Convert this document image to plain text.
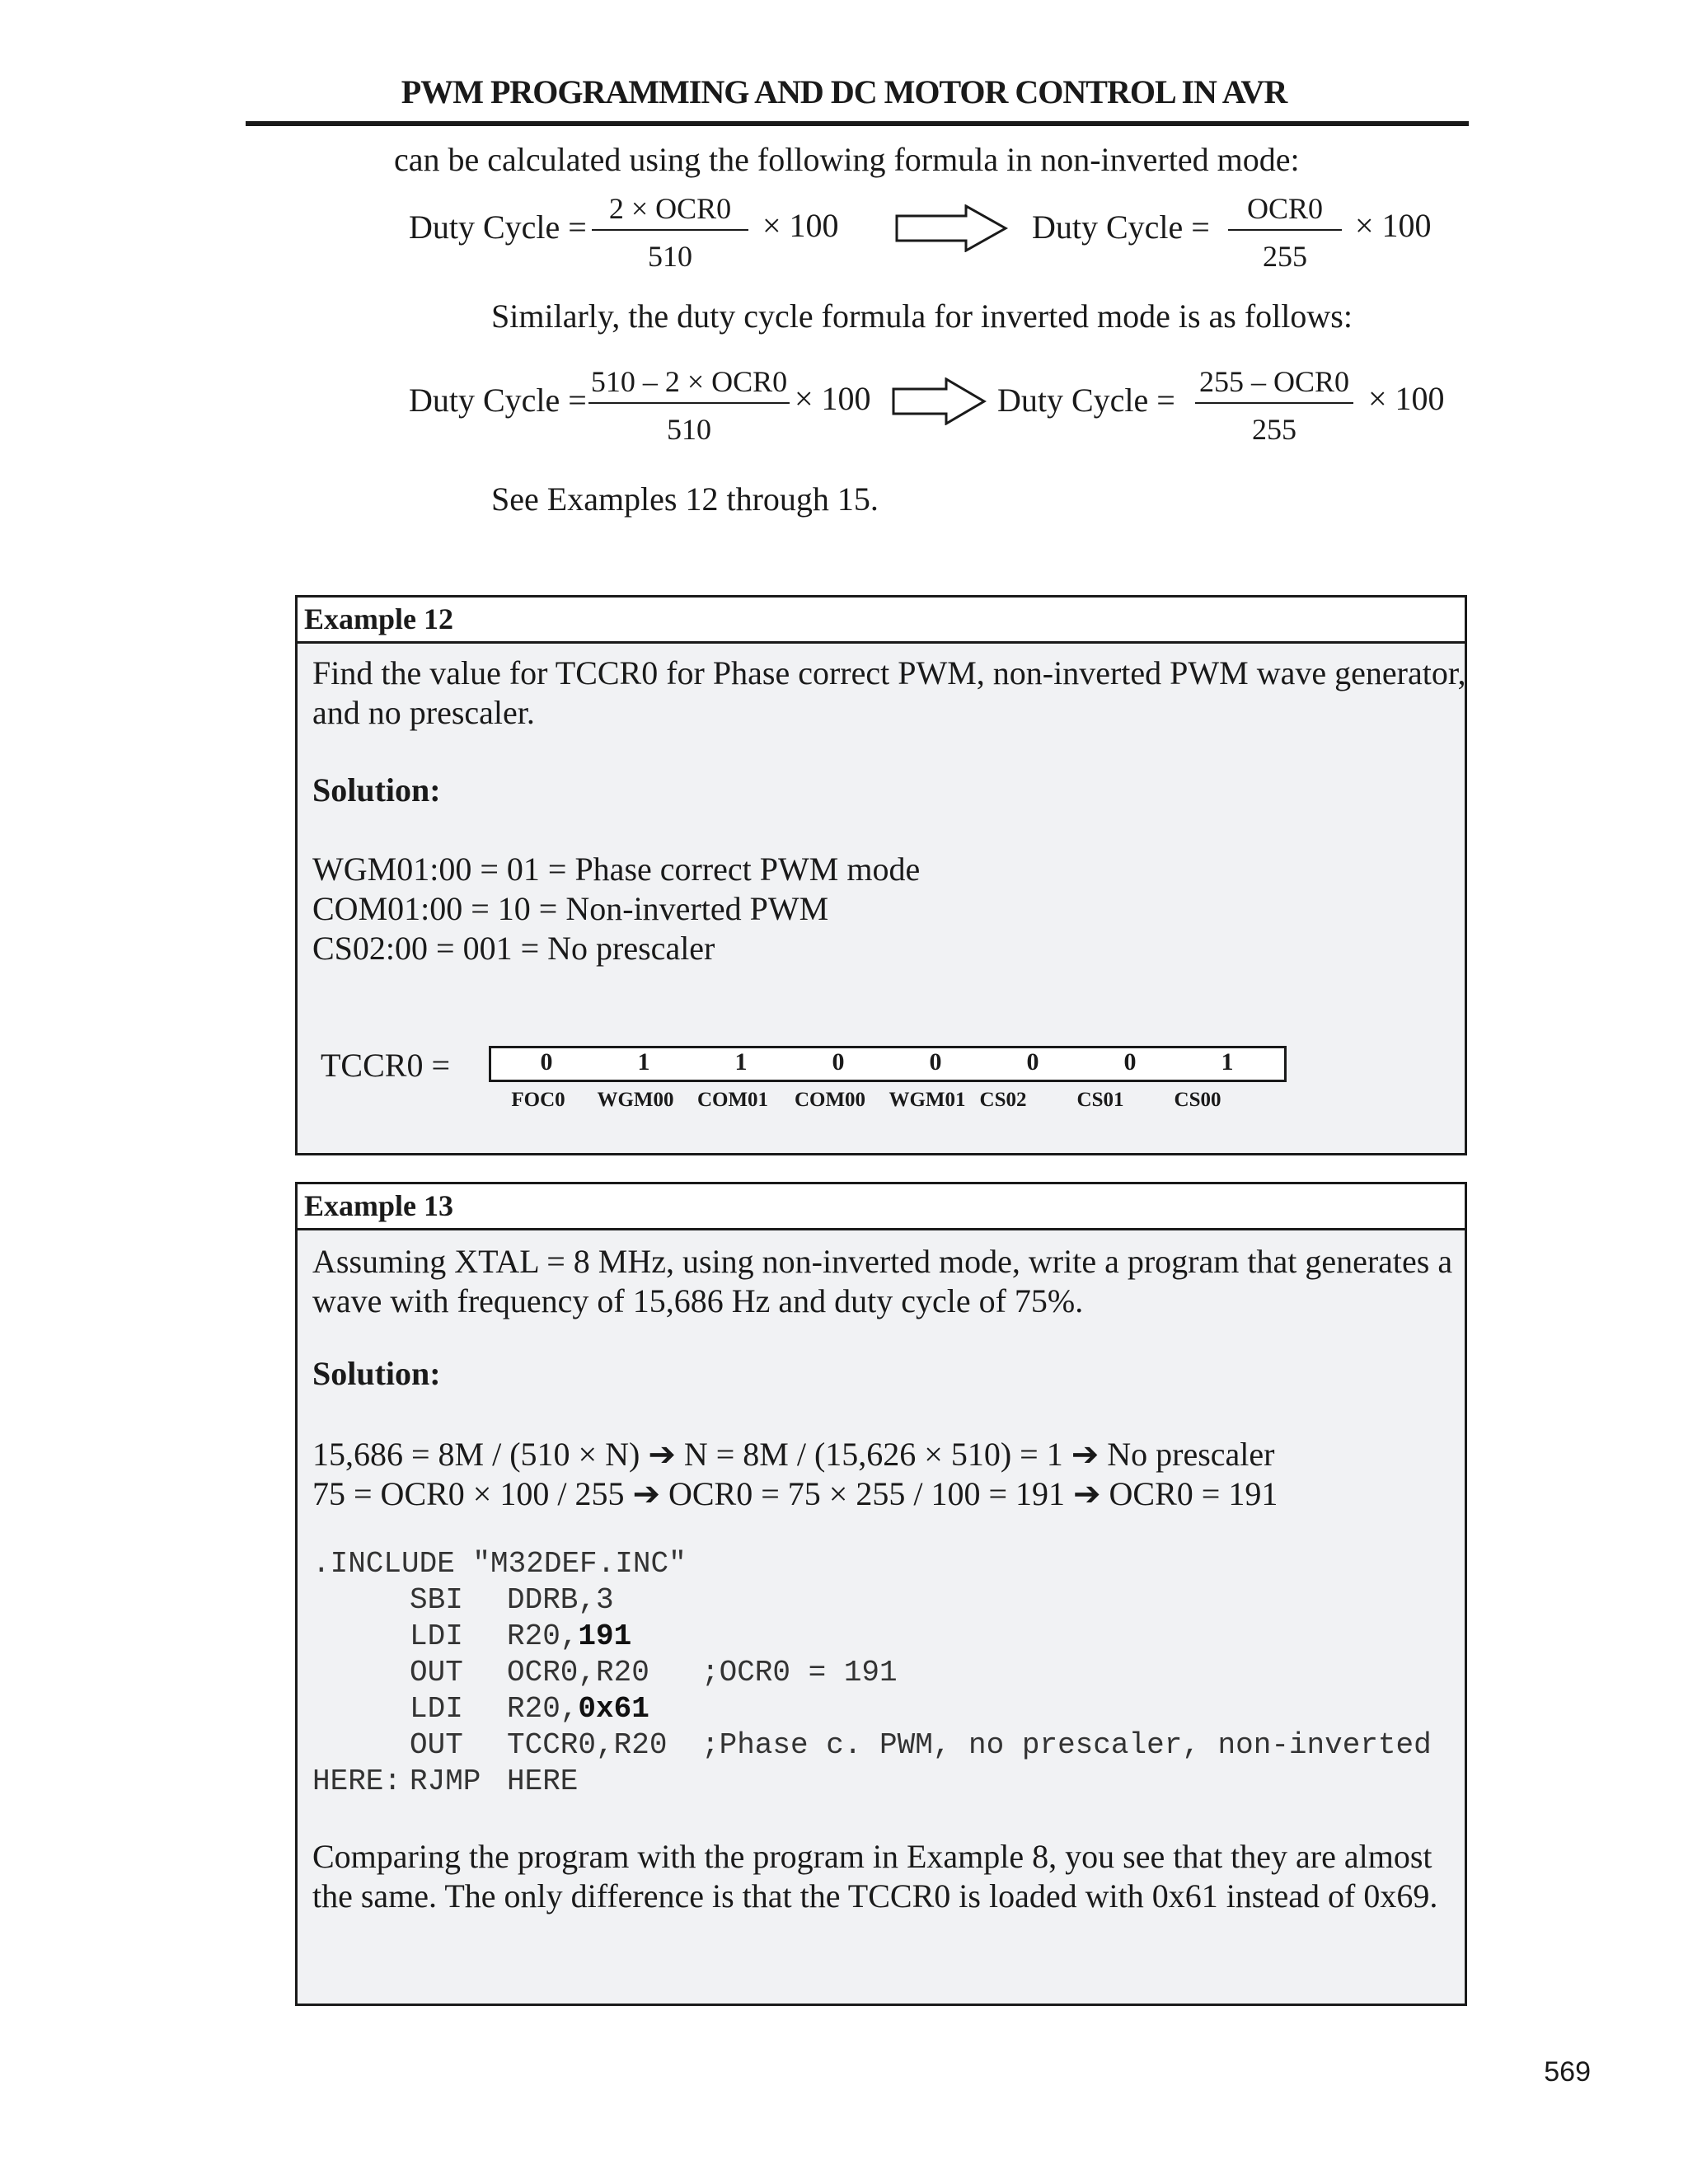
PWM PROGRAMMING AND DC MOTOR CONTROL IN AVR
can be calculated using the following formula in non-inverted mode:
Duty Cycle = 2 × OCR0
510
× 100	Duty Cycle =	OCR0
255
× 100
Similarly, the duty cycle formula for inverted mode is as follows:
Duty Cycle = 510 – 2 × OCR0
510
× 100	Duty Cycle = 255 – OCR0
255
× 100
See Examples 12 through 15.
Example 12
Find the value for TCCR0 for Phase correct PWM, non-inverted PWM wave generator,
and no prescaler.
Solution:
WGM01:00 = 01 = Phase correct PWM mode
COM01:00 = 10 = Non-inverted PWM
CS02:00 = 001 = No prescaler
TCCR0 =	0	1	1	0	0	0	0	1
FOC0	WGM00	COM01	COM00	WGM01 CS02	CS01	CS00
Example 13
Assuming XTAL = 8 MHz, using non-inverted mode, write a program that generates a
wave with frequency of 15,686 Hz and duty cycle of 75%.
Solution:
15,686 = 8M / (510 × N) ➔ N = 8M / (15,626 × 510) = 1 ➔ No prescaler
75 = OCR0 × 100 / 255 ➔ OCR0 = 75 × 255 / 100 = 191 ➔ OCR0 = 191
.INCLUDE "M32DEF.INC"
SBI DDRB,3
LDI R20,191
OUT OCR0,R20 ;OCR0 = 191
LDI R20,0x61
OUT TCCR0,R20 ;Phase c. PWM, no prescaler, non-inverted
HERE: RJMP HERE
Comparing the program with the program in Example 8, you see that they are almost
the same. The only difference is that the TCCR0 is loaded with 0x61 instead of 0x69.
569
